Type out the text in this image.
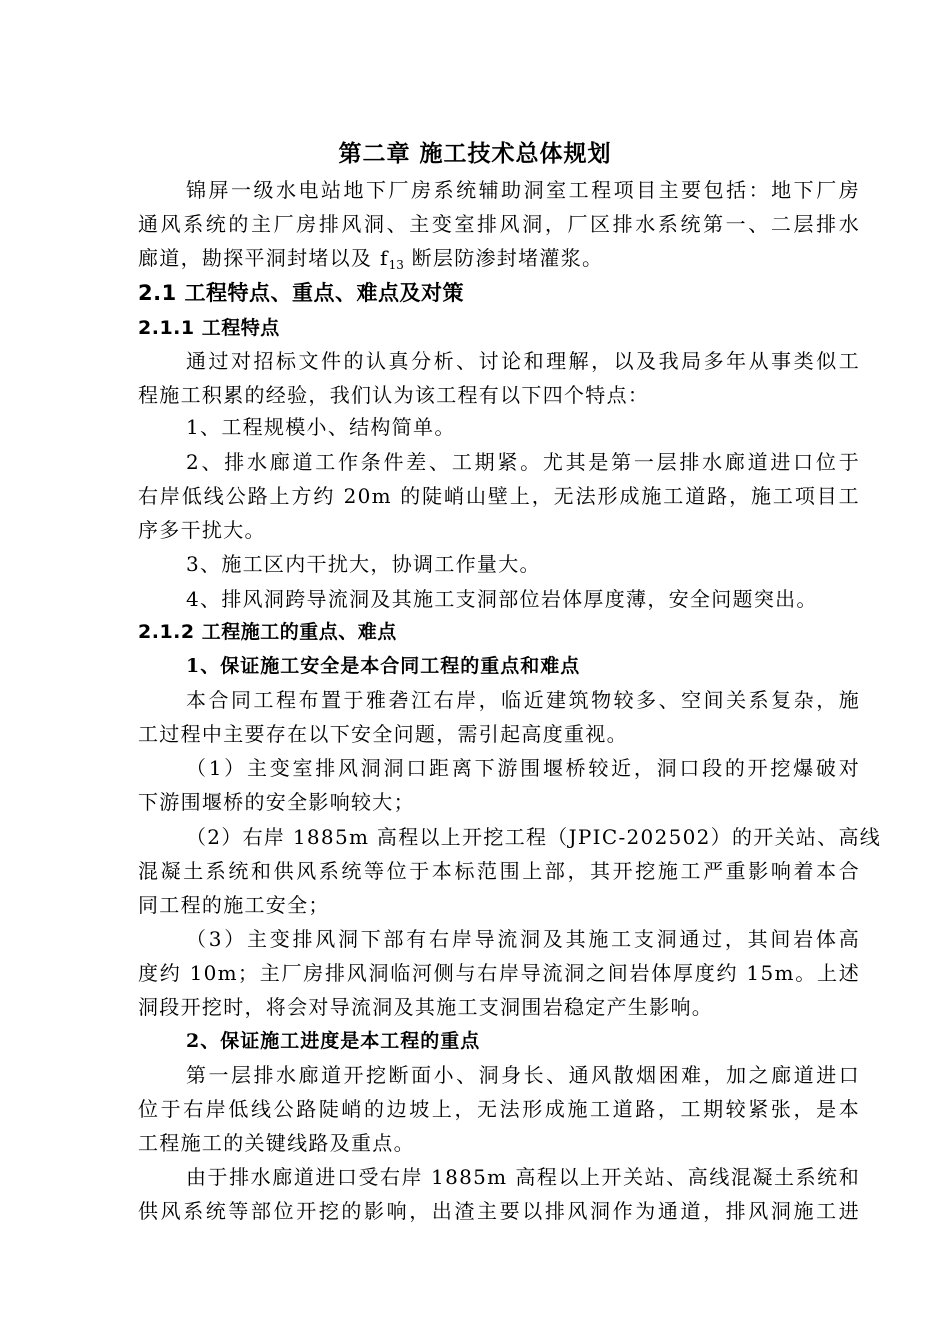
第二章 施工技术总体规划
锦屏一级水电站地下厂房系统辅助洞室工程项目主要包括：地下厂房
通风系统的主厂房排风洞、主变室排风洞，厂区排水系统第一、二层排水
廊道，勘探平洞封堵以及 $f_{13}$ 断层防渗封堵灌浆。
2.1 工程特点、重点、难点及对策
2.1.1 工程特点
通过对招标文件的认真分析、讨论和理解，以及我局多年从事类似工
程施工积累的经验，我们认为该工程有以下四个特点：
1、工程规模小、结构简单。
2、排水廊道工作条件差、工期紧。尤其是第一层排水廊道进口位于
右岸低线公路上方约 20m 的陡峭山壁上，无法形成施工道路，施工项目工
序多干扰大。
3、施工区内干扰大，协调工作量大。
4、排风洞跨导流洞及其施工支洞部位岩体厚度薄，安全问题突出。
2.1.2 工程施工的重点、难点
1、保证施工安全是本合同工程的重点和难点
本合同工程布置于雅砻江右岸，临近建筑物较多、空间关系复杂，施
工过程中主要存在以下安全问题，需引起高度重视。
（1）主变室排风洞洞口距离下游围堰桥较近，洞口段的开挖爆破对
下游围堰桥的安全影响较大；
（2）右岸 1885m 高程以上开挖工程（JPIC-202502）的开关站、高线
混凝土系统和供风系统等位于本标范围上部，其开挖施工严重影响着本合
同工程的施工安全；
（3）主变排风洞下部有右岸导流洞及其施工支洞通过，其间岩体高
度约 10m；主厂房排风洞临河侧与右岸导流洞之间岩体厚度约 15m。上述
洞段开挖时，将会对导流洞及其施工支洞围岩稳定产生影响。
2、保证施工进度是本工程的重点
第一层排水廊道开挖断面小、洞身长、通风散烟困难，加之廊道进口
位于右岸低线公路陡峭的边坡上，无法形成施工道路，工期较紧张，是本
工程施工的关键线路及重点。
由于排水廊道进口受右岸 1885m 高程以上开关站、高线混凝土系统和
供风系统等部位开挖的影响，出渣主要以排风洞作为通道，排风洞施工进
